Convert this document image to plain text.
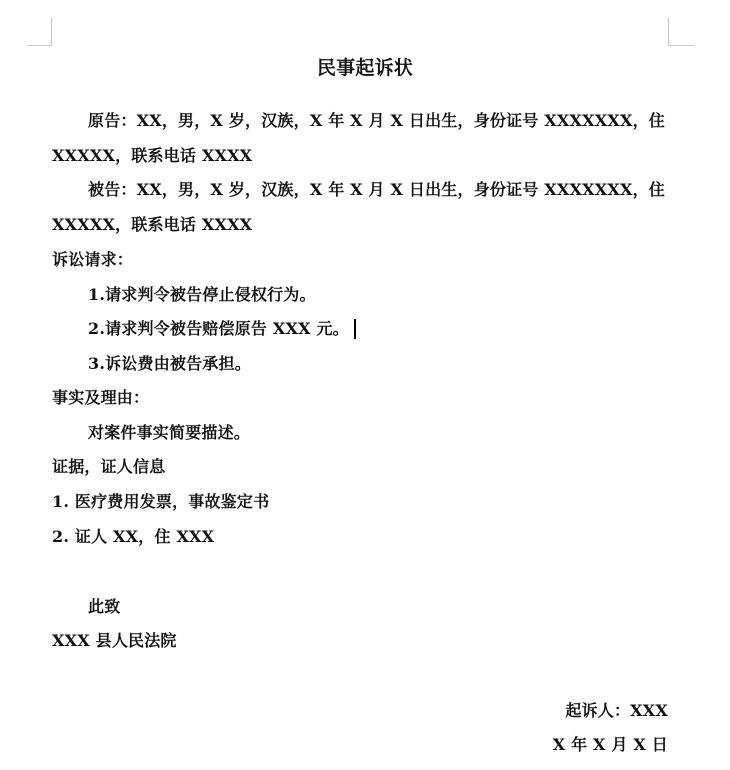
民事起诉状
原告：XX，男，X 岁，汉族，X 年 X 月 X 日出生，身份证号 XXXXXXX，住
XXXXX，联系电话 XXXX
被告：XX，男，X 岁，汉族，X 年 X 月 X 日出生，身份证号 XXXXXXX，住
XXXXX，联系电话 XXXX
诉讼请求：
1.请求判令被告停止侵权行为。
2.请求判令被告赔偿原告 XXX 元。
3.诉讼费由被告承担。
事实及理由：
对案件事实简要描述。
证据，证人信息
1. 医疗费用发票，事故鉴定书
2. 证人 XX，住 XXX
此致
XXX 县人民法院
起诉人：XXX
X 年 X 月 X 日
